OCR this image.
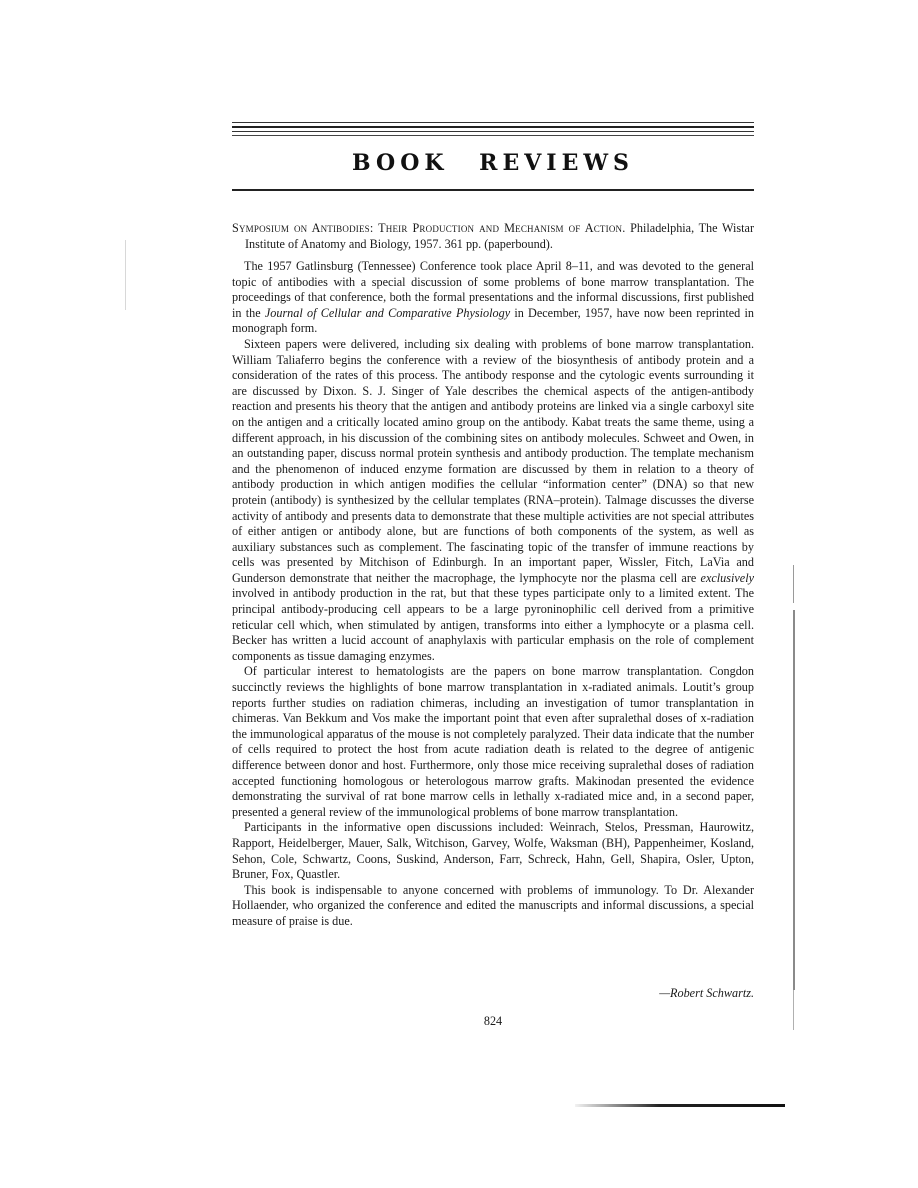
BOOK REVIEWS
Symposium on Antibodies: Their Production and Mechanism of Action. Philadelphia, The Wistar Institute of Anatomy and Biology, 1957. 361 pp. (paperbound).

The 1957 Gatlinsburg (Tennessee) Conference took place April 8–11, and was devoted to the general topic of antibodies with a special discussion of some problems of bone marrow transplantation. The proceedings of that conference, both the formal presentations and the informal discussions, first published in the Journal of Cellular and Comparative Physiology in December, 1957, have now been reprinted in monograph form.

Sixteen papers were delivered, including six dealing with problems of bone marrow transplantation. William Taliaferro begins the conference with a review of the biosynthesis of antibody protein and a consideration of the rates of this process. The antibody response and the cytologic events surrounding it are discussed by Dixon. S. J. Singer of Yale describes the chemical aspects of the antigen-antibody reaction and presents his theory that the antigen and antibody proteins are linked via a single carboxyl site on the antigen and a critically located amino group on the antibody. Kabat treats the same theme, using a different approach, in his discussion of the combining sites on antibody molecules. Schweet and Owen, in an outstanding paper, discuss normal protein synthesis and antibody production. The template mechanism and the phenomenon of induced enzyme formation are discussed by them in relation to a theory of antibody production in which antigen modifies the cellular “information center” (DNA) so that new protein (antibody) is synthesized by the cellular templates (RNA–protein). Talmage discusses the diverse activity of antibody and presents data to demonstrate that these multiple activities are not special attributes of either antigen or antibody alone, but are functions of both components of the system, as well as auxiliary substances such as complement. The fascinating topic of the transfer of immune reactions by cells was presented by Mitchison of Edinburgh. In an important paper, Wissler, Fitch, LaVia and Gunderson demonstrate that neither the macrophage, the lymphocyte nor the plasma cell are exclusively involved in antibody production in the rat, but that these types participate only to a limited extent. The principal antibody-producing cell appears to be a large pyroninophilic cell derived from a primitive reticular cell which, when stimulated by antigen, transforms into either a lymphocyte or a plasma cell. Becker has written a lucid account of anaphylaxis with particular emphasis on the role of complement components as tissue damaging enzymes.

Of particular interest to hematologists are the papers on bone marrow transplantation. Congdon succinctly reviews the highlights of bone marrow transplantation in x-radiated animals. Loutit’s group reports further studies on radiation chimeras, including an investigation of tumor transplantation in chimeras. Van Bekkum and Vos make the important point that even after supralethal doses of x-radiation the immunological apparatus of the mouse is not completely paralyzed. Their data indicate that the number of cells required to protect the host from acute radiation death is related to the degree of antigenic difference between donor and host. Furthermore, only those mice receiving supralethal doses of radiation accepted functioning homologous or heterologous marrow grafts. Makinodan presented the evidence demonstrating the survival of rat bone marrow cells in lethally x-radiated mice and, in a second paper, presented a general review of the immunological problems of bone marrow transplantation.

Participants in the informative open discussions included: Weinrach, Stelos, Pressman, Haurowitz, Rapport, Heidelberger, Mauer, Salk, Witchison, Garvey, Wolfe, Waksman (BH), Pappenheimer, Kosland, Sehon, Cole, Schwartz, Coons, Suskind, Anderson, Farr, Schreck, Hahn, Gell, Shapira, Osler, Upton, Bruner, Fox, Quastler.

This book is indispensable to anyone concerned with problems of immunology. To Dr. Alexander Hollaender, who organized the conference and edited the manuscripts and informal discussions, a special measure of praise is due.

—Robert Schwartz.
824
